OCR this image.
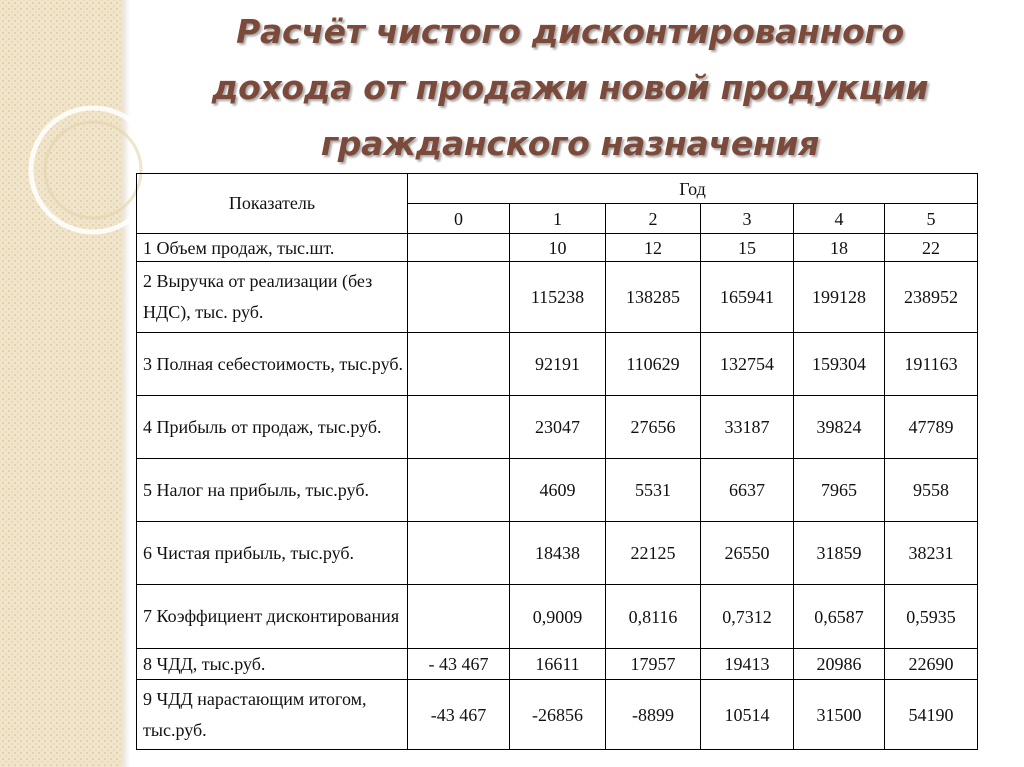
Расчёт чистого дисконтированного
дохода от продажи новой продукции
гражданского назначения
Показатель	Год					
	0	1	2	3	4	5
1 Объем продаж, тыс.шт.		10	12	15	18	22
2 Выручка от реализации (без НДС), тыс. руб.		115238	138285	165941	199128	238952
3 Полная себестоимость, тыс.руб.		92191	110629	132754	159304	191163
4 Прибыль от продаж, тыс.руб.		23047	27656	33187	39824	47789
5 Налог на прибыль, тыс.руб.		4609	5531	6637	7965	9558
6 Чистая прибыль, тыс.руб.		18438	22125	26550	31859	38231
7 Коэффициент дисконтирования		0,9009	0,8116	0,7312	0,6587	0,5935
8 ЧДД, тыс.руб.	- 43 467	16611	17957	19413	20986	22690
9 ЧДД нарастающим итогом, тыс.руб.	-43 467	-26856	-8899	10514	31500	54190
